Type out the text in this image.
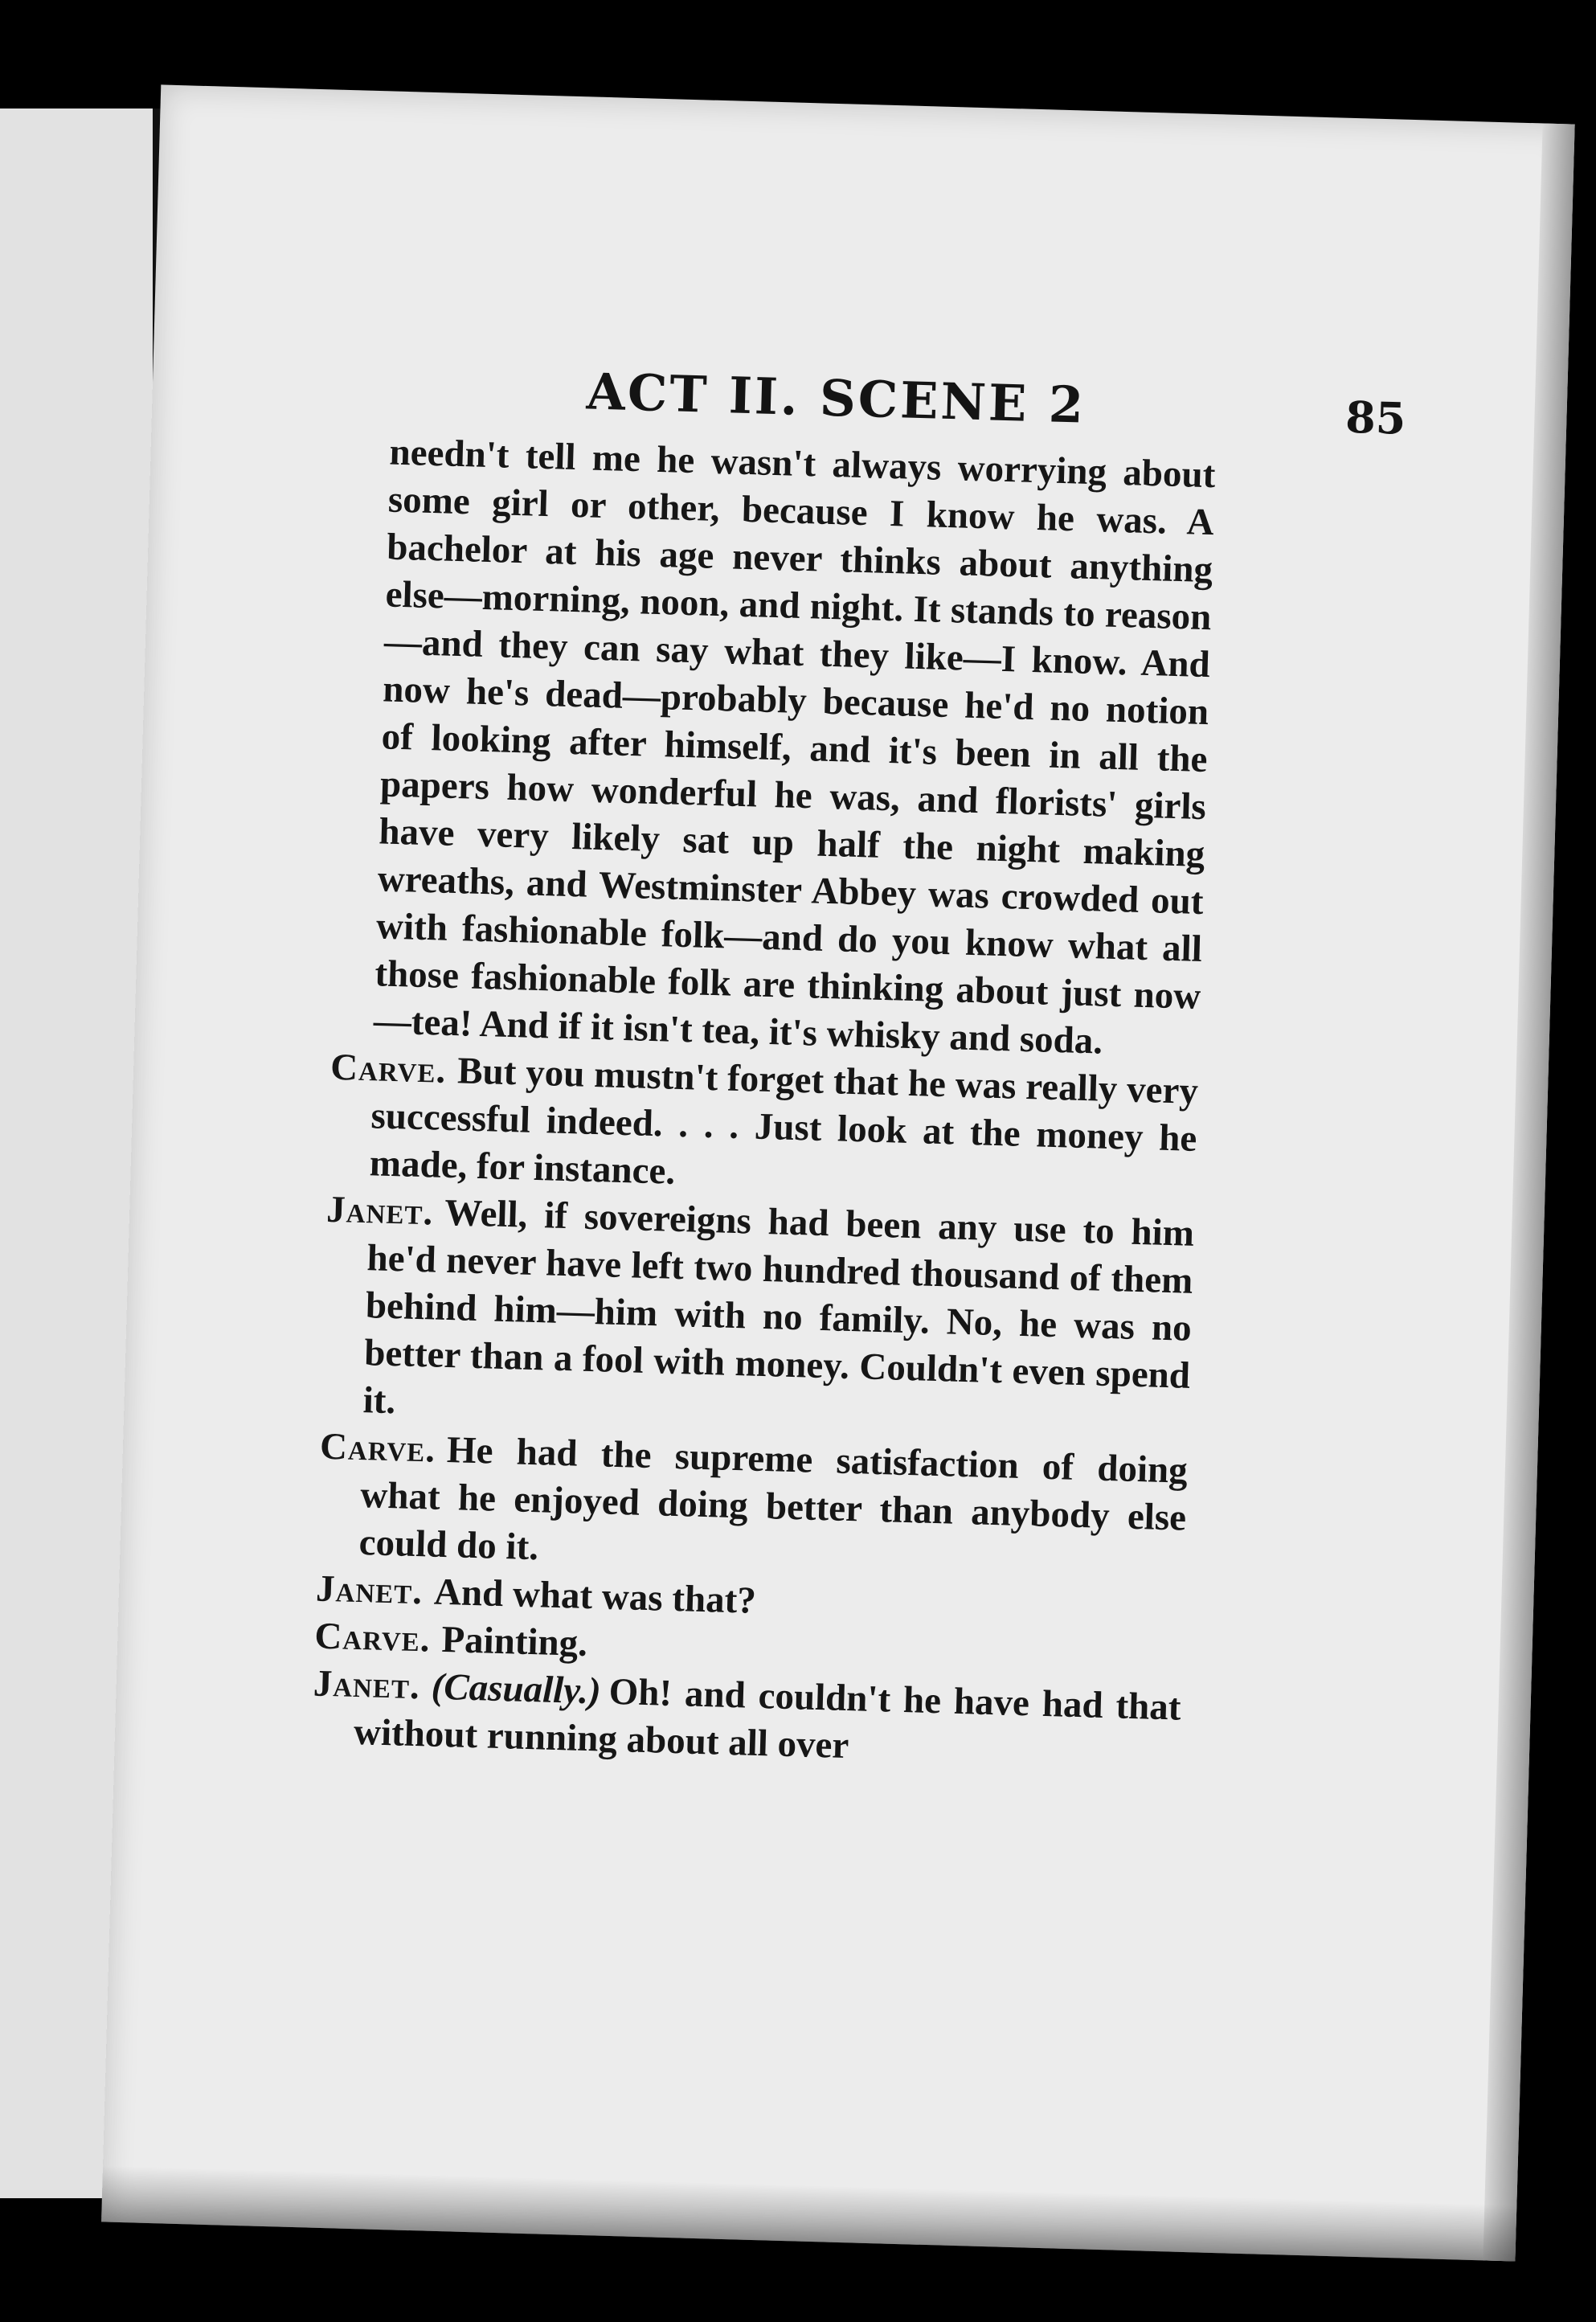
ACT II. SCENE 2	85

needn't tell me he wasn't always worrying about some girl or other, because I know he was. A bachelor at his age never thinks about anything else—morning, noon, and night. It stands to reason—and they can say what they like—I know. And now he's dead—probably because he'd no notion of looking after himself, and it's been in all the papers how wonderful he was, and florists' girls have very likely sat up half the night making wreaths, and Westminster Abbey was crowded out with fashionable folk—and do you know what all those fashionable folk are thinking about just now—tea! And if it isn't tea, it's whisky and soda.

Carve. But you mustn't forget that he was really very successful indeed. . . . Just look at the money he made, for instance.

Janet. Well, if sovereigns had been any use to him he'd never have left two hundred thousand of them behind him—him with no family. No, he was no better than a fool with money. Couldn't even spend it.

Carve. He had the supreme satisfaction of doing what he enjoyed doing better than anybody else could do it.

Janet. And what was that?

Carve. Painting.

Janet. (Casually.) Oh! and couldn't he have had that without running about all over
